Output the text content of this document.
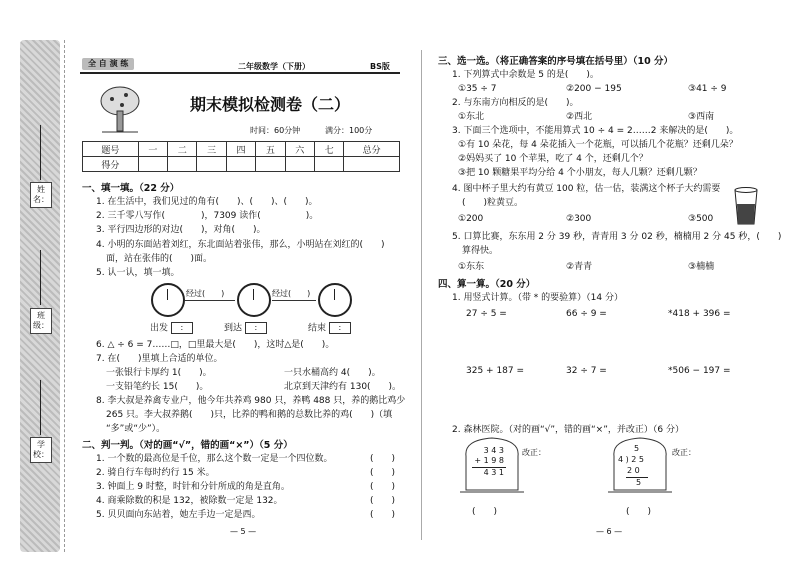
姓名：
班级：
学校：
全 自 演 练	二年级数学（下册）	BS版
期末模拟检测卷（二）
时间：60分钟	满分：100分
题号	一	二	三	四	五	六	七	总分
得分								
一、填一填。（22 分）
1. 在生活中，我们见过的角有(　　)、(　　)、(　　)。
2. 三千零八写作(　　　　)，7309 读作(　　　　　)。
3. 平行四边形的对边(　　)，对角(　　)。
4. 小明的东面站着刘红，东北面站着张伟，那么，小明站在刘红的(　　)
面，站在张伟的(　　)面。
5. 认一认，填一填。
经过(　　)	经过(　　)
出发 :	到达 :	结束 :
6. △ ÷ 6 = 7……□，□里最大是(　　)，这时△是(　　)。
7. 在(　　)里填上合适的单位。
一张银行卡厚约 1(　　)。	一只水桶高约 4(　　)。
一支铅笔约长 15(　　)。	北京到天津约有 130(　　)。
8. 李大叔是养禽专业户，他今年共养鸡 980 只，养鸭 488 只，养的鹅比鸡少
265 只。李大叔养鹅(　　)只，比养的鸭和鹅的总数比养的鸡(　　)（填
“多”或“少”）。
二、判一判。（对的画“√”，错的画“×”）（5 分）
1. 一个数的最高位是千位，那么这个数一定是一个四位数。
2. 骑自行车每时约行 15 米。
3. 钟面上 9 时整，时针和分针所成的角是直角。
4. 商乘除数的积是 132，被除数一定是 132。
5. 贝贝面向东站着，她左手边一定是西。
(　　)
(　　)
(　　)
(　　)
(　　)
— 5 —
三、选一选。（将正确答案的序号填在括号里）（10 分）
1. 下列算式中余数是 5 的是(　　)。
①35 ÷ 7	②200 − 195	③41 ÷ 9
2. 与东南方向相反的是(　　)。
①东北	②西北	③西南
3. 下面三个选项中，不能用算式 10 ÷ 4 = 2……2 来解决的是(　　)。
①有 10 朵花，每 4 朵花插入一个花瓶，可以插几个花瓶？还剩几朵？
②妈妈买了 10 个苹果，吃了 4 个，还剩几个？
③把 10 颗糖果平均分给 4 个小朋友，每人几颗？还剩几颗？
4. 图中杯子里大约有黄豆 100 粒，估一估，装满这个杯子大约需要
(　　)粒黄豆。
①200	②300	③500
5. 口算比赛，东东用 2 分 39 秒，青青用 3 分 02 秒，楠楠用 2 分 45 秒，(　　)
算得快。
①东东	②青青	③楠楠
四、算一算。（20 分）
1. 用竖式计算。（带 * 的要验算）（14 分）
27 ÷ 5 =	66 ÷ 9 =	*418 + 396 =
325 + 187 =	32 ÷ 7 =	*506 − 197 =
2. 森林医院。（对的画“√”，错的画“×”，并改正）（6 分）
3 4 3
+ 1 9 8
4 3 1
改正：	5
4 ) 2 5
2 0
5
改正：
(　　)	(　　)
— 6 —
